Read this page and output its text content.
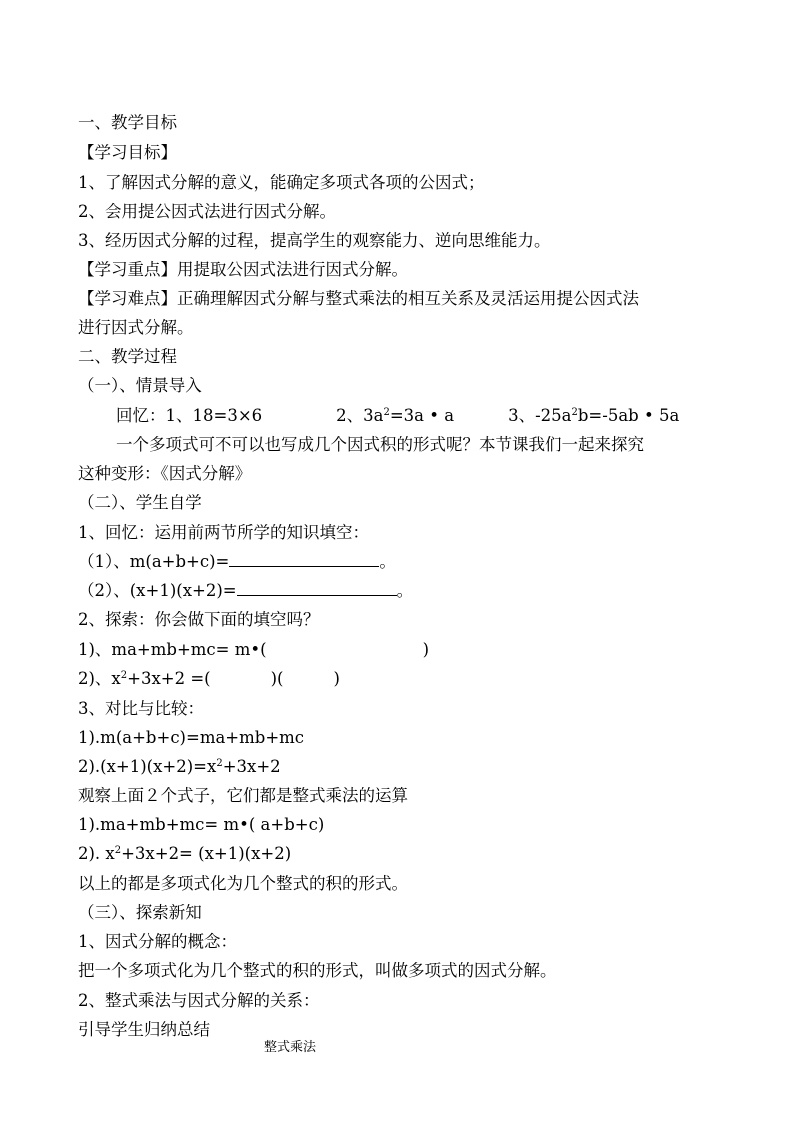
一、教学目标
【学习目标】
1、了解因式分解的意义，能确定多项式各项的公因式；
2、会用提公因式法进行因式分解。
3、经历因式分解的过程，提高学生的观察能力、逆向思维能力。
【学习重点】用提取公因式法进行因式分解。
【学习难点】正确理解因式分解与整式乘法的相互关系及灵活运用提公因式法
进行因式分解。
二、教学过程
（一）、情景导入
回忆：1、18=3×6	2、$3a^2=3a$ • a	3、$-25a^2b=-5ab$ • 5a
一个多项式可不可以也写成几个因式积的形式呢？本节课我们一起来探究
这种变形：《因式分解》
（二）、学生自学
1、回忆：运用前两节所学的知识填空：
（1）、m(a+b+c)=	。
（2）、(x+1)(x+2)=	。
2、探索：你会做下面的填空吗？
1)、ma+mb+mc= m•(	)
2)、$x^2+3x+2$ =(	)(	)
3、对比与比较：
1).m(a+b+c)=ma+mb+mc
$2).(x+1)(x+2)=x^2+3x+2$
观察上面２个式子，它们都是整式乘法的运算
1).ma+mb+mc= m•( a+b+c)
2). $x^2+3x+2= (x+1)(x+2)$
以上的都是多项式化为几个整式的积的形式。
（三）、探索新知
1、因式分解的概念：
把一个多项式化为几个整式的积的形式，叫做多项式的因式分解。
2、整式乘法与因式分解的关系：
引导学生归纳总结
整式乘法
